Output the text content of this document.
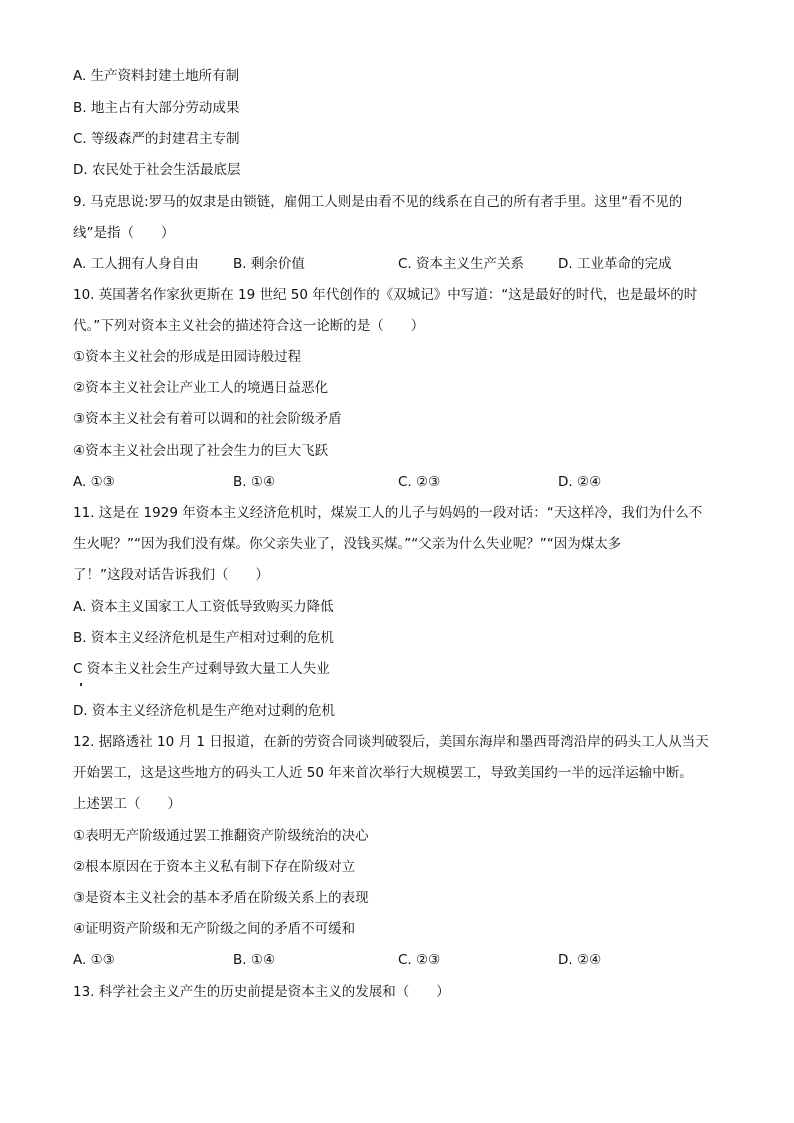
A. 生产资料封建土地所有制
B. 地主占有大部分劳动成果
C. 等级森严的封建君主专制
D. 农民处于社会生活最底层
9. 马克思说:罗马的奴隶是由锁链，雇佣工人则是由看不见的线系在自己的所有者手里。这里“看不见的
线”是指（　　）
A. 工人拥有人身自由	B. 剩余价值	C. 资本主义生产关系	D. 工业革命的完成
10. 英国著名作家狄更斯在 19 世纪 50 年代创作的《双城记》中写道：“这是最好的时代，也是最坏的时
代。”下列对资本主义社会的描述符合这一论断的是（　　）
①资本主义社会的形成是田园诗般过程
②资本主义社会让产业工人的境遇日益恶化
③资本主义社会有着可以调和的社会阶级矛盾
④资本主义社会出现了社会生力的巨大飞跃
A. ①③	B. ①④	C. ②③	D. ②④
11. 这是在 1929 年资本主义经济危机时，煤炭工人的儿子与妈妈的一段对话：“天这样冷，我们为什么不
生火呢？”“因为我们没有煤。你父亲失业了，没钱买煤。”“父亲为什么失业呢？”“因为煤太多
了！”这段对话告诉我们（　　）
A. 资本主义国家工人工资低导致购买力降低
B. 资本主义经济危机是生产相对过剩的危机
C 资本主义社会生产过剩导致大量工人失业
D. 资本主义经济危机是生产绝对过剩的危机
12. 据路透社 10 月 1 日报道，在新的劳资合同谈判破裂后，美国东海岸和墨西哥湾沿岸的码头工人从当天
开始罢工，这是这些地方的码头工人近 50 年来首次举行大规模罢工，导致美国约一半的远洋运输中断。
上述罢工（　　）
①表明无产阶级通过罢工推翻资产阶级统治的决心
②根本原因在于资本主义私有制下存在阶级对立
③是资本主义社会的基本矛盾在阶级关系上的表现
④证明资产阶级和无产阶级之间的矛盾不可缓和
A. ①③	B. ①④	C. ②③	D. ②④
13. 科学社会主义产生的历史前提是资本主义的发展和（　　）
